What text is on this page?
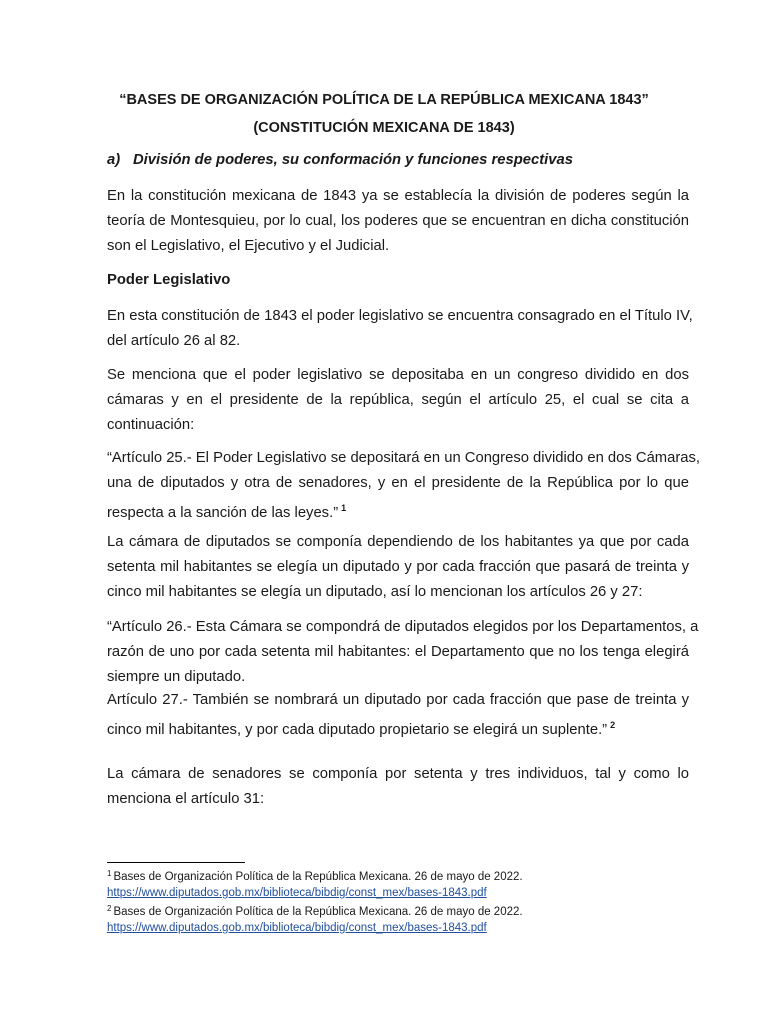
“BASES DE ORGANIZACIÓN POLÍTICA DE LA REPÚBLICA MEXICANA 1843”
(CONSTITUCIÓN MEXICANA DE 1843)
a) División de poderes, su conformación y funciones respectivas
En la constitución mexicana de 1843 ya se establecía la división de poderes según la
teoría de Montesquieu, por lo cual, los poderes que se encuentran en dicha constitución
son el Legislativo, el Ejecutivo y el Judicial.
Poder Legislativo
En esta constitución de 1843 el poder legislativo se encuentra consagrado en el Título IV,
del artículo 26 al 82.
Se menciona que el poder legislativo se depositaba en un congreso dividido en dos
cámaras y en el presidente de la república, según el artículo 25, el cual se cita a
continuación:
“Artículo 25.- El Poder Legislativo se depositará en un Congreso dividido en dos Cámaras,
una de diputados y otra de senadores, y en el presidente de la República por lo que
respecta a la sanción de las leyes.” $^1$
La cámara de diputados se componía dependiendo de los habitantes ya que por cada
setenta mil habitantes se elegía un diputado y por cada fracción que pasará de treinta y
cinco mil habitantes se elegía un diputado, así lo mencionan los artículos 26 y 27:
“Artículo 26.- Esta Cámara se compondrá de diputados elegidos por los Departamentos, a
razón de uno por cada setenta mil habitantes: el Departamento que no los tenga elegirá
siempre un diputado.
Artículo 27.- También se nombrará un diputado por cada fracción que pase de treinta y
cinco mil habitantes, y por cada diputado propietario se elegirá un suplente.” $^2$
La cámara de senadores se componía por setenta y tres individuos, tal y como lo
menciona el artículo 31:
$^1$ Bases de Organización Política de la República Mexicana. 26 de mayo de 2022.
https://www.diputados.gob.mx/biblioteca/bibdig/const_mex/bases-1843.pdf
$^2$ Bases de Organización Política de la República Mexicana. 26 de mayo de 2022.
https://www.diputados.gob.mx/biblioteca/bibdig/const_mex/bases-1843.pdf
